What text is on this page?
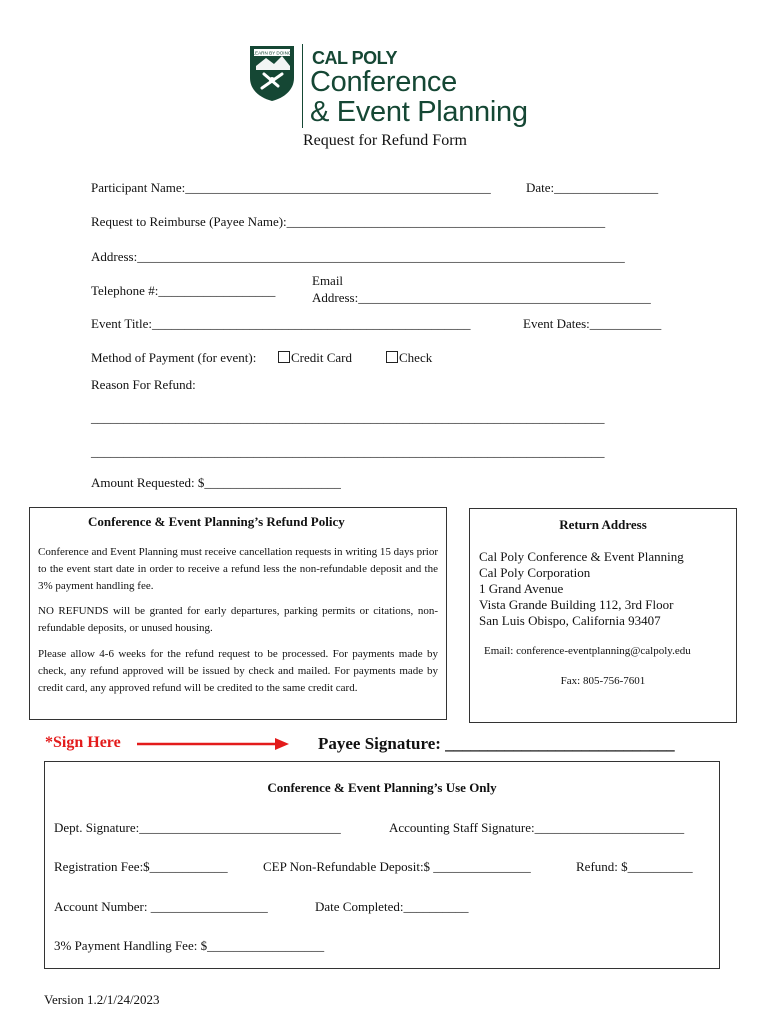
LEARN BY DOING CAL POLY
Conference
& Event Planning
Request for Refund Form
Participant Name:_______________________________________________	Date:________________
Request to Reimburse (Payee Name):_________________________________________________
Address:___________________________________________________________________________
Telephone #:__________________
Email
Address:_____________________________________________
Event Title:_________________________________________________	Event Dates:___________
Method of Payment (for event):	Credit Card	Check
Reason For Refund:
_______________________________________________________________________________
_______________________________________________________________________________
Amount Requested: $_____________________
Conference & Event Planning’s Refund Policy
Conference and Event Planning must receive cancellation requests in writing 15 days prior to the event start date in order to receive a refund less the non-refundable deposit and the 3% payment handling fee.
NO REFUNDS will be granted for early departures, parking permits or citations, non-refundable deposits, or unused housing.
Please allow 4-6 weeks for the refund request to be processed. For payments made by check, any refund approved will be issued by check and mailed. For payments made by credit card, any approved refund will be credited to the same credit card.
Return Address
Cal Poly Conference & Event Planning
Cal Poly Corporation
1 Grand Avenue
Vista Grande Building 112, 3rd Floor
San Luis Obispo, California 93407
Email: conference-eventplanning@calpoly.edu
Fax: 805-756-7601
*Sign Here	Payee Signature: ___________________________
Conference & Event Planning’s Use Only
Dept. Signature:_______________________________	Accounting Staff Signature:_______________________
Registration Fee:$____________	CEP Non-Refundable Deposit:$ _______________	Refund: $__________
Account Number: __________________	Date Completed:__________
3% Payment Handling Fee: $__________________
Version 1.2/1/24/2023
